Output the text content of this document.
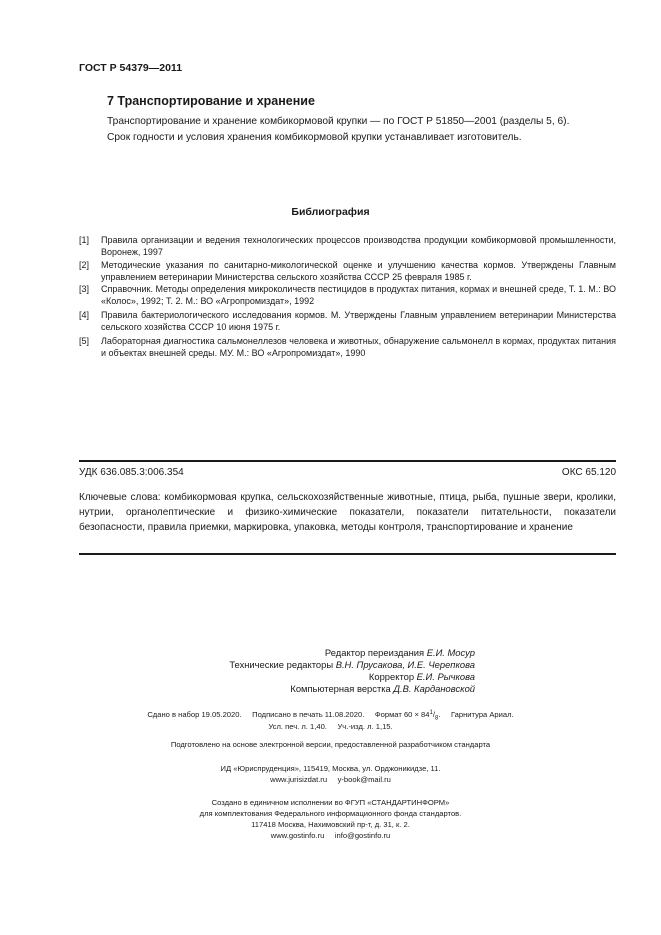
ГОСТ Р 54379—2011
7 Транспортирование и хранение
Транспортирование и хранение комбикормовой крупки — по ГОСТ Р 51850—2001 (разделы 5, 6).
Срок годности и условия хранения комбикормовой крупки устанавливает изготовитель.
Библиография
[1]	Правила организации и ведения технологических процессов производства продукции комбикормовой промышленности, Воронеж, 1997
[2]	Методические указания по санитарно-микологической оценке и улучшению качества кормов. Утверждены Главным управлением ветеринарии Министерства сельского хозяйства СССР 25 февраля 1985 г.
[3]	Справочник. Методы определения микроколичеств пестицидов в продуктах питания, кормах и внешней среде, Т. 1. М.: ВО «Колос», 1992; Т. 2. М.: ВО «Агропромиздат», 1992
[4]	Правила бактериологического исследования кормов. М. Утверждены Главным управлением ветеринарии Министерства сельского хозяйства СССР 10 июня 1975 г.
[5]	Лабораторная диагностика сальмонеллезов человека и животных, обнаружение сальмонелл в кормах, продуктах питания и объектах внешней среды. МУ. М.: ВО «Агропромиздат», 1990
УДК 636.085.3:006.354	ОКС 65.120
Ключевые слова: комбикормовая крупка, сельскохозяйственные животные, птица, рыба, пушные звери, кролики, нутрии, органолептические и физико-химические показатели, показатели питательности, показатели безопасности, правила приемки, маркировка, упаковка, методы контроля, транспортирование и хранение
Редактор переиздания Е.И. Мосур
Технические редакторы В.Н. Прусакова, И.Е. Черепкова
Корректор Е.И. Рычкова
Компьютерная верстка Д.В. Кардановской
Сдано в набор 19.05.2020.     Подписано в печать 11.08.2020.     Формат $60 \times 84^1/_8$.     Гарнитура Ариал.
Усл. печ. л. 1,40.     Уч.-изд. л. 1,15.
Подготовлено на основе электронной версии, предоставленной разработчиком стандарта
ИД «Юриспруденция», 115419, Москва, ул. Орджоникидзе, 11.
www.jurisizdat.ru     y-book@mail.ru
Создано в единичном исполнении во ФГУП «СТАНДАРТИНФОРМ»
для комплектования Федерального информационного фонда стандартов.
117418 Москва, Нахимовский пр-т, д. 31, к. 2.
www.gostinfo.ru     info@gostinfo.ru
